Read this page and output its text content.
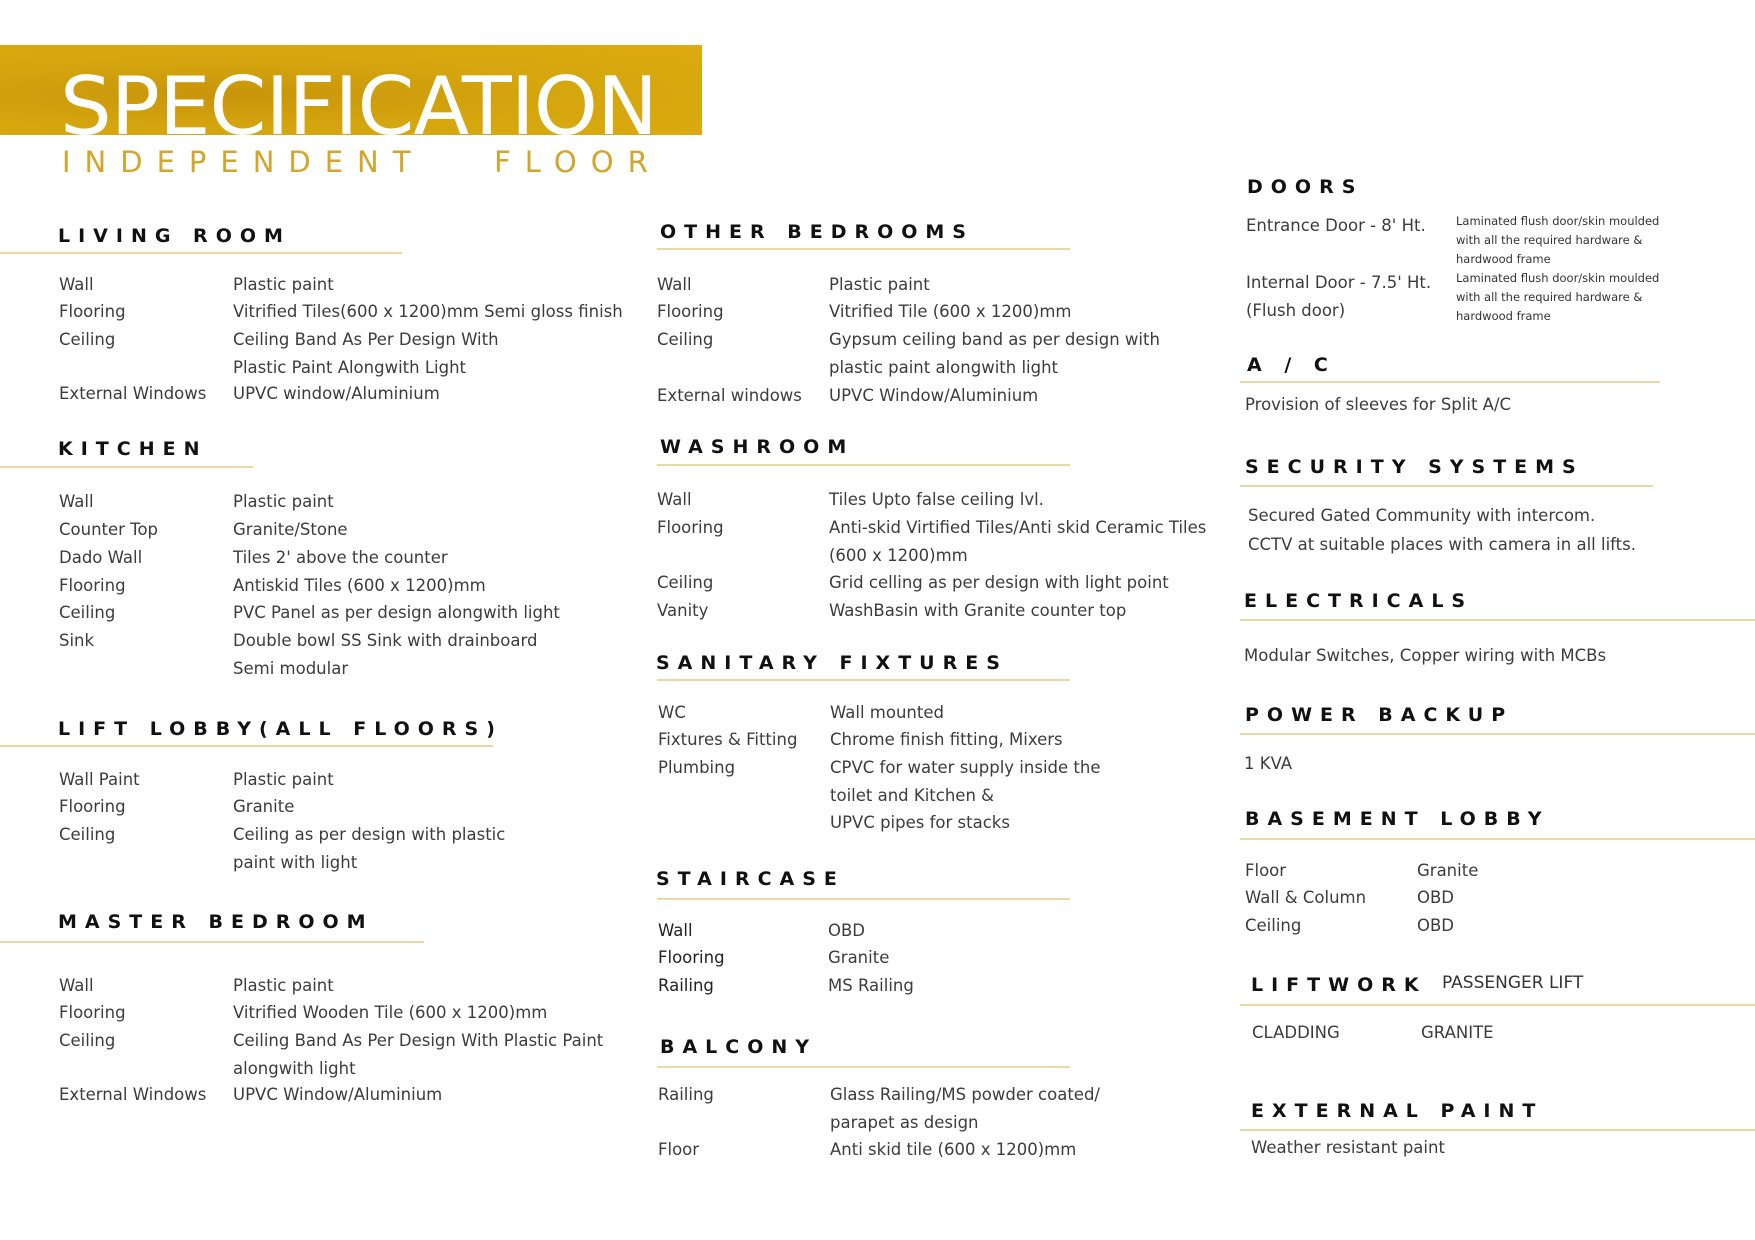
SPECIFICATION
INDEPENDENT   FLOOR
LIVING ROOM
Wall	Plastic paint
Flooring	Vitrified Tiles(600 x 1200)mm Semi gloss finish
Ceiling	Ceiling Band As Per Design With
Plastic Paint Alongwith Light
External Windows UPVC window/Aluminium
KITCHEN
Wall	Plastic paint
Counter Top	Granite/Stone
Dado Wall	Tiles 2' above the counter
Flooring	Antiskid Tiles (600 x 1200)mm
Ceiling	PVC Panel as per design alongwith light
Sink	Double bowl SS Sink with drainboard
Semi modular
LIFT LOBBY(ALL FLOORS)
Wall Paint	Plastic paint
Flooring	Granite
Ceiling	Ceiling as per design with plastic
paint with light
MASTER BEDROOM
Wall	Plastic paint
Flooring	Vitrified Wooden Tile (600 x 1200)mm
Ceiling	Ceiling Band As Per Design With Plastic Paint
alongwith light
External Windows UPVC Window/Aluminium
OTHER BEDROOMS
Wall	Plastic paint
Flooring	Vitrified Tile (600 x 1200)mm
Ceiling	Gypsum ceiling band as per design with
plastic paint alongwith light
External windows UPVC Window/Aluminium
WASHROOM
Wall	Tiles Upto false ceiling lvl.
Flooring	Anti-skid Virtified Tiles/Anti skid Ceramic Tiles
(600 x 1200)mm
Ceiling	Grid celling as per design with light point
Vanity	WashBasin with Granite counter top
SANITARY FIXTURES
WC	Wall mounted
Fixtures & Fitting Chrome finish fitting, Mixers
Plumbing	CPVC for water supply inside the
toilet and Kitchen &
UPVC pipes for stacks
STAIRCASE
Wall	OBD
Flooring	Granite
Railing	MS Railing
BALCONY
Railing	Glass Railing/MS powder coated/
parapet as design
Floor	Anti skid tile (600 x 1200)mm
DOORS
Entrance Door - 8' Ht.	Laminated flush door/skin moulded
with all the required hardware &
hardwood frame
Internal Door - 7.5' Ht.
(Flush door)
Laminated flush door/skin moulded
with all the required hardware &
hardwood frame
A / C
Provision of sleeves for Split A/C
SECURITY SYSTEMS
Secured Gated Community with intercom.
CCTV at suitable places with camera in all lifts.
ELECTRICALS
Modular Switches, Copper wiring with MCBs
POWER BACKUP
1 KVA
BASEMENT LOBBY
Floor	Granite
Wall & Column	OBD
Ceiling	OBD
LIFTWORK PASSENGER LIFT
CLADDING	GRANITE
EXTERNAL PAINT
Weather resistant paint
